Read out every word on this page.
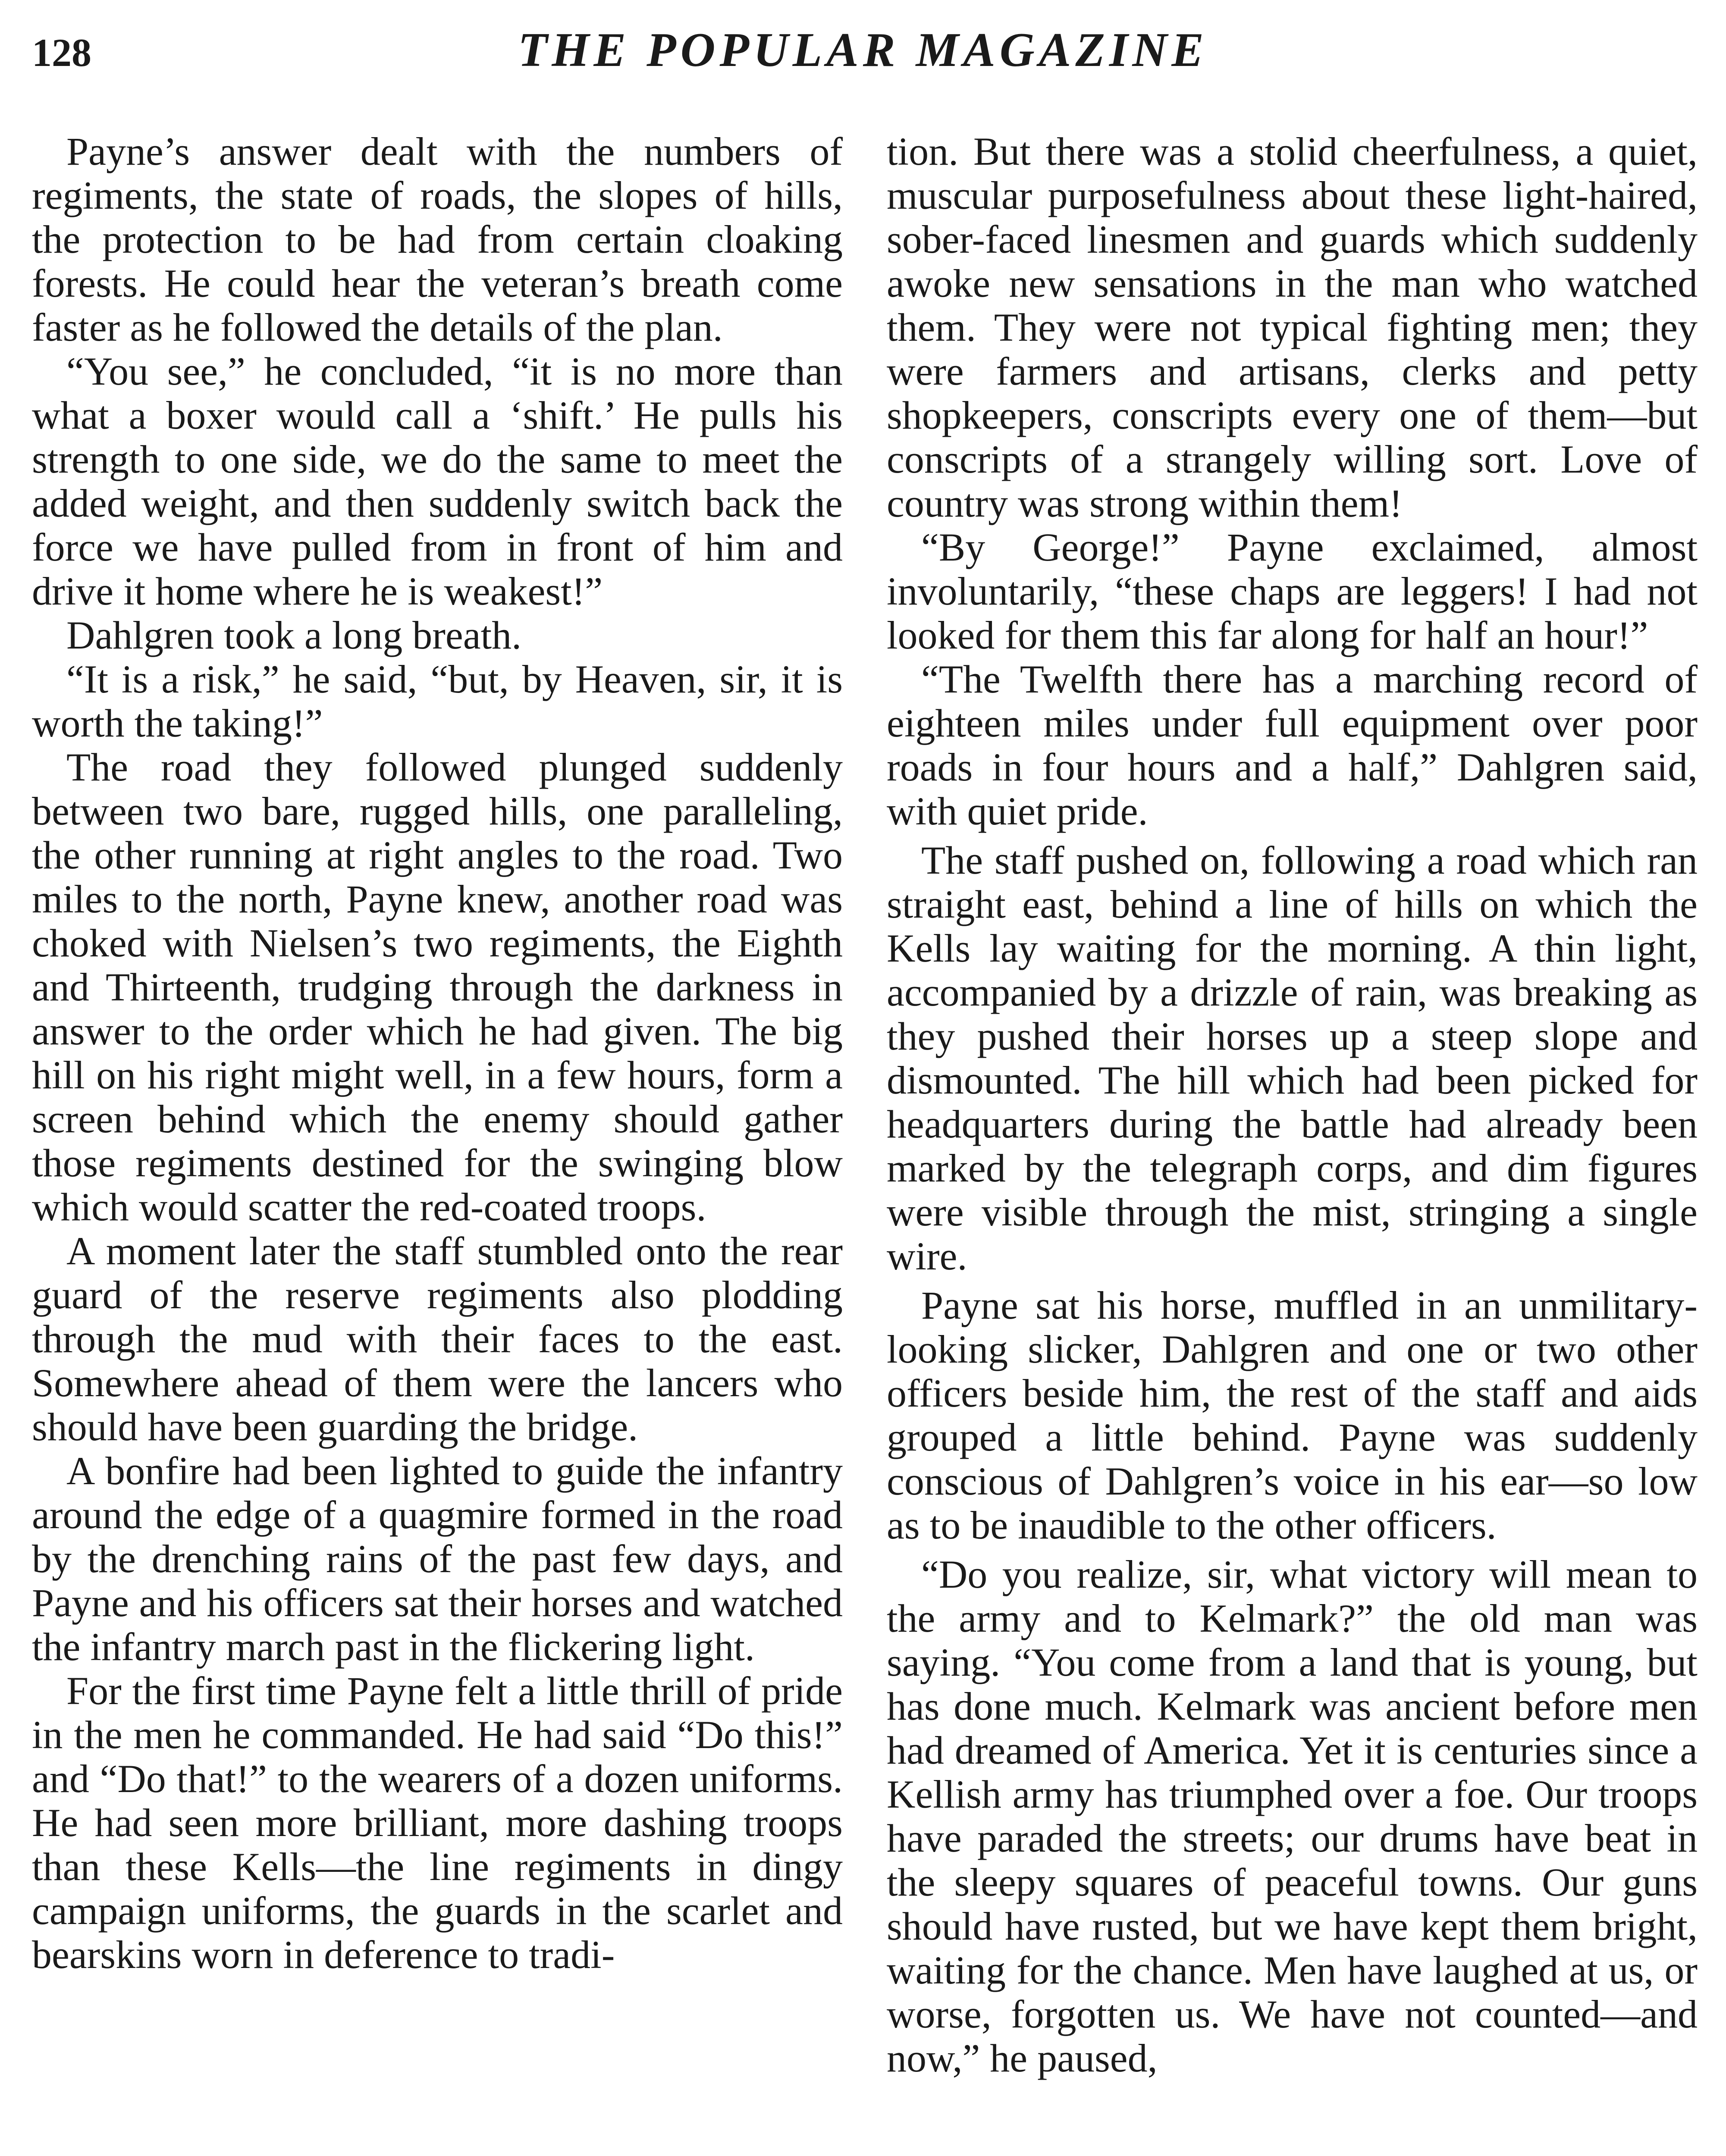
128	THE POPULAR MAGAZINE

Payne’s answer dealt with the numbers of regiments, the state of roads, the slopes of hills, the protection to be had from certain cloaking forests. He could hear the veteran’s breath come faster as he followed the details of the plan.

“You see,” he concluded, “it is no more than what a boxer would call a ‘shift.’ He pulls his strength to one side, we do the same to meet the added weight, and then suddenly switch back the force we have pulled from in front of him and drive it home where he is weakest!”

Dahlgren took a long breath.

“It is a risk,” he said, “but, by Heaven, sir, it is worth the taking!”

The road they followed plunged suddenly between two bare, rugged hills, one paralleling, the other running at right angles to the road. Two miles to the north, Payne knew, another road was choked with Nielsen’s two regiments, the Eighth and Thirteenth, trudging through the darkness in answer to the order which he had given. The big hill on his right might well, in a few hours, form a screen behind which the enemy should gather those regiments destined for the swinging blow which would scatter the red-coated troops.

A moment later the staff stumbled onto the rear guard of the reserve regiments also plodding through the mud with their faces to the east. Somewhere ahead of them were the lancers who should have been guarding the bridge.

A bonfire had been lighted to guide the infantry around the edge of a quagmire formed in the road by the drenching rains of the past few days, and Payne and his officers sat their horses and watched the infantry march past in the flickering light.

For the first time Payne felt a little thrill of pride in the men he commanded. He had said “Do this!” and “Do that!” to the wearers of a dozen uniforms. He had seen more brilliant, more dashing troops than these Kells—the line regiments in dingy campaign uniforms, the guards in the scarlet and bearskins worn in deference to tradi-

tion. But there was a stolid cheerfulness, a quiet, muscular purposefulness about these light-haired, sober-faced linesmen and guards which suddenly awoke new sensations in the man who watched them. They were not typical fighting men; they were farmers and artisans, clerks and petty shopkeepers, conscripts every one of them—but conscripts of a strangely willing sort. Love of country was strong within them!

“By George!” Payne exclaimed, almost involuntarily, “these chaps are leggers! I had not looked for them this far along for half an hour!”

“The Twelfth there has a marching record of eighteen miles under full equipment over poor roads in four hours and a half,” Dahlgren said, with quiet pride.

The staff pushed on, following a road which ran straight east, behind a line of hills on which the Kells lay waiting for the morning. A thin light, accompanied by a drizzle of rain, was breaking as they pushed their horses up a steep slope and dismounted. The hill which had been picked for headquarters during the battle had already been marked by the telegraph corps, and dim figures were visible through the mist, stringing a single wire.

Payne sat his horse, muffled in an unmilitary-looking slicker, Dahlgren and one or two other officers beside him, the rest of the staff and aids grouped a little behind. Payne was suddenly conscious of Dahlgren’s voice in his ear—so low as to be inaudible to the other officers.

“Do you realize, sir, what victory will mean to the army and to Kelmark?” the old man was saying. “You come from a land that is young, but has done much. Kelmark was ancient before men had dreamed of America. Yet it is centuries since a Kellish army has triumphed over a foe. Our troops have paraded the streets; our drums have beat in the sleepy squares of peaceful towns. Our guns should have rusted, but we have kept them bright, waiting for the chance. Men have laughed at us, or worse, forgotten us. We have not counted—and now,” he paused,
